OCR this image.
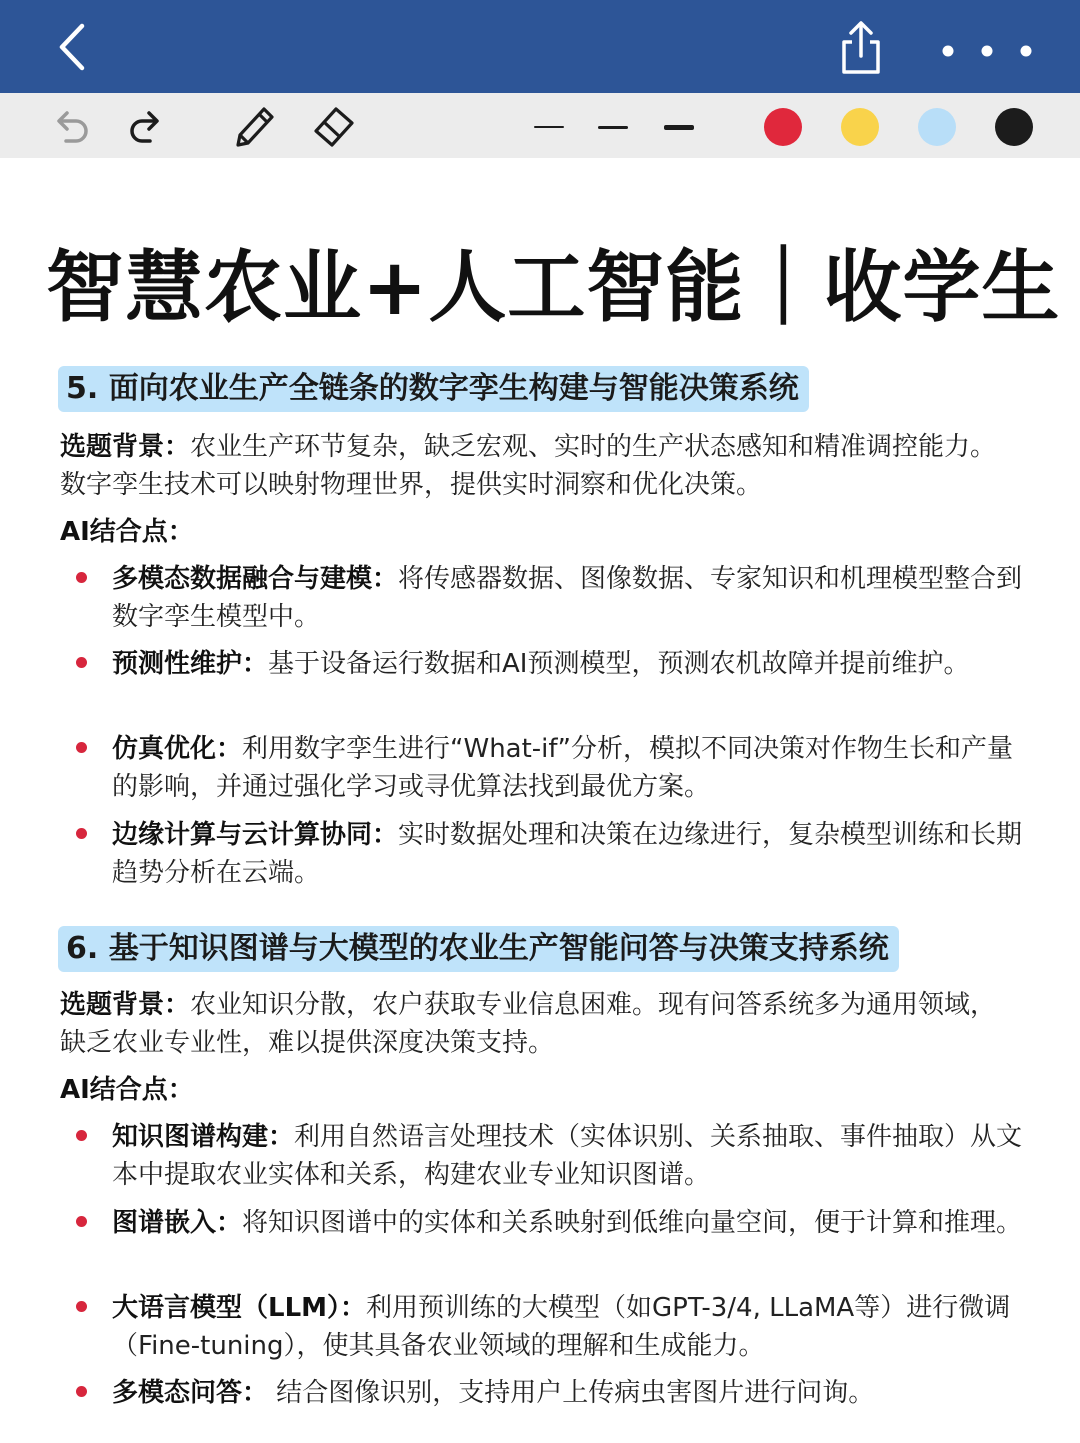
智慧农业+人工智能｜收学生
5. 面向农业生产全链条的数字孪生构建与智能决策系统
选题背景：农业生产环节复杂，缺乏宏观、实时的生产状态感知和精准调控能力。数字孪生技术可以映射物理世界，提供实时洞察和优化决策。
AI结合点：
多模态数据融合与建模：将传感器数据、图像数据、专家知识和机理模型整合到数字孪生模型中。
预测性维护：基于设备运行数据和AI预测模型，预测农机故障并提前维护。
仿真优化：利用数字孪生进行“What-if”分析，模拟不同决策对作物生长和产量的影响，并通过强化学习或寻优算法找到最优方案。
边缘计算与云计算协同：实时数据处理和决策在边缘进行，复杂模型训练和长期趋势分析在云端。
6. 基于知识图谱与大模型的农业生产智能问答与决策支持系统
选题背景：农业知识分散，农户获取专业信息困难。现有问答系统多为通用领域，缺乏农业专业性，难以提供深度决策支持。
AI结合点：
知识图谱构建：利用自然语言处理技术（实体识别、关系抽取、事件抽取）从文本中提取农业实体和关系，构建农业专业知识图谱。
图谱嵌入：将知识图谱中的实体和关系映射到低维向量空间，便于计算和推理。
大语言模型（LLM）：利用预训练的大模型（如GPT-3/4, LLaMA等）进行微调（Fine-tuning），使其具备农业领域的理解和生成能力。
多模态问答： 结合图像识别，支持用户上传病虫害图片进行问询。
